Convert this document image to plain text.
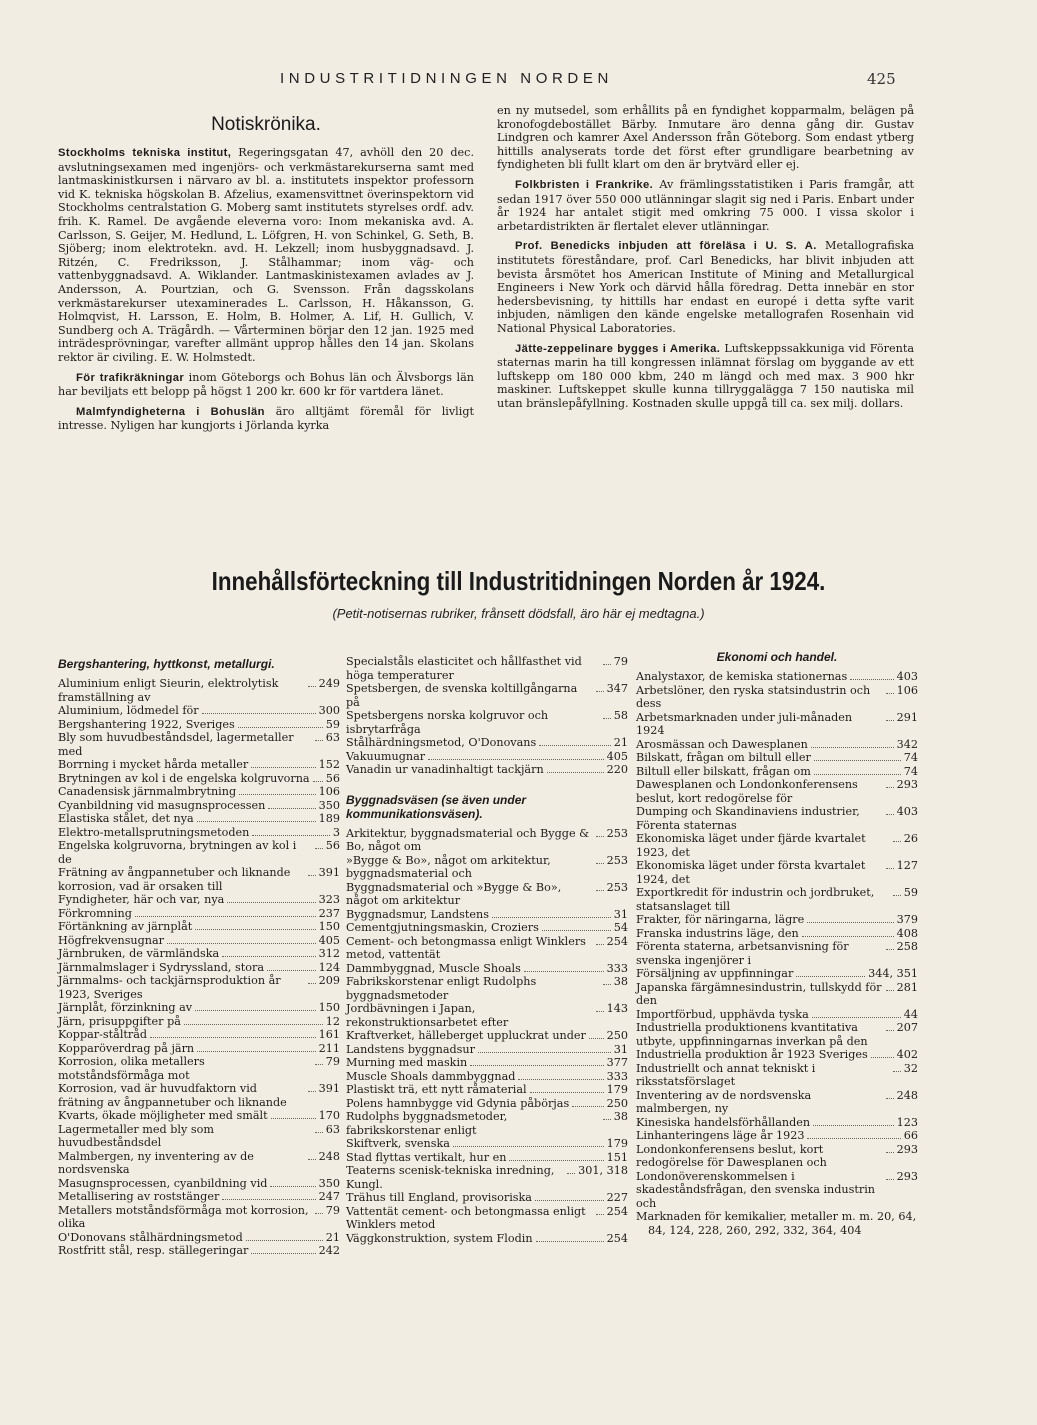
INDUSTRITIDNINGEN NORDEN	425
Notiskrönika.

Stockholms tekniska institut, Regeringsgatan 47, avhöll den 20 dec. avslutningsexamen med ingenjörs- och verkmästarekurserna samt med lantmaskinistkursen i närvaro av bl. a. institutets inspektor professorn vid K. tekniska högskolan B. Afzelius, examensvittnet överinspektorn vid Stockholms centralstation G. Moberg samt institutets styrelses ordf. adv. frih. K. Ramel. De avgående eleverna voro: Inom mekaniska avd. A. Carlsson, S. Geijer, M. Hedlund, L. Löfgren, H. von Schinkel, G. Seth, B. Sjöberg; inom elektrotekn. avd. H. Lekzell; inom husbyggnadsavd. J. Ritzén, C. Fredriksson, J. Stålhammar; inom väg- och vattenbyggnadsavd. A. Wiklander. Lantmaskinistexamen avlades av J. Andersson, A. Pourtzian, och G. Svensson. Från dagsskolans verkmästarekurser utexaminerades L. Carlsson, H. Håkansson, G. Holmqvist, H. Larsson, E. Holm, B. Holmer, A. Lif, H. Gullich, V. Sundberg och A. Trägårdh. — Vårterminen börjar den 12 jan. 1925 med inträdesprövningar, varefter allmänt upprop hålles den 14 jan. Skolans rektor är civiling. E. W. Holmstedt.

För trafikräkningar inom Göteborgs och Bohus län och Älvsborgs län har beviljats ett belopp på högst 1 200 kr. 600 kr för vartdera länet.

Malmfyndigheterna i Bohuslän äro alltjämt föremål för livligt intresse. Nyligen har kungjorts i Jörlanda kyrka

en ny mutsedel, som erhållits på en fyndighet kopparmalm, belägen på kronofogdebostället Bärby. Inmutare äro denna gång dir. Gustav Lindgren och kamrer Axel Andersson från Göteborg. Som endast ytberg hittills analyserats torde det först efter grundligare bearbetning av fyndigheten bli fullt klart om den är brytvärd eller ej.

Folkbristen i Frankrike. Av främlingsstatistiken i Paris framgår, att sedan 1917 över 550 000 utlänningar slagit sig ned i Paris. Enbart under år 1924 har antalet stigit med omkring 75 000. I vissa skolor i arbetardistrikten är flertalet elever utlänningar.

Prof. Benedicks inbjuden att föreläsa i U. S. A. Metallografiska institutets föreståndare, prof. Carl Benedicks, har blivit inbjuden att bevista årsmötet hos American Institute of Mining and Metallurgical Engineers i New York och därvid hålla föredrag. Detta innebär en stor hedersbevisning, ty hittills har endast en europé i detta syfte varit inbjuden, nämligen den kände engelske metallografen Rosenhain vid National Physical Laboratories.

Jätte-zeppelinare bygges i Amerika. Luftskeppssakkuniga vid Förenta staternas marin ha till kongressen inlämnat förslag om byggande av ett luftskepp om 180 000 kbm, 240 m längd och med max. 3 900 hkr maskiner. Luftskeppet skulle kunna tillryggalägga 7 150 nautiska mil utan bränslepåfyllning. Kostnaden skulle uppgå till ca. sex milj. dollars.

Innehållsförteckning till Industritidningen Norden år 1924.
(Petit-notisernas rubriker, frånsett dödsfall, äro här ej medtagna.)
Bergshantering, hyttkonst, metallurgi.
Aluminium enligt Sieurin, elektrolytisk framställning av
249
Aluminium, lödmedel för	300
Bergshantering 1922, Sveriges	59
Bly som huvudbeståndsdel, lagermetaller med
63
Borrning i mycket hårda metaller	152
Brytningen av kol i de engelska kolgruvorna 56
Canadensisk järnmalmbrytning	106
Cyanbildning vid masugnsprocessen	350
Elastiska stålet, det nya	189
Elektro-metallsprutningsmetoden	3
Engelska kolgruvorna, brytningen av kol i de
56
Frätning av ångpannetuber och liknande korrosion, vad är orsaken till
391
Fyndigheter, här och var, nya	323
Förkromning	237
Förtänkning av järnplåt	150
Högfrekvensugnar	405
Järnbruken, de värmländska	312
Järnmalmslager i Sydryssland, stora	124
Järnmalms- och tackjärnsproduktion år 1923, Sveriges
209
Järnplåt, förzinkning av	150
Järn, prisuppgifter på	12
Koppar-ståltråd	161
Kopparöverdrag på järn	211
Korrosion, olika metallers motståndsförmåga mot
79
Korrosion, vad är huvudfaktorn vid frätning av ångpannetuber och liknande
391
Kvarts, ökade möjligheter med smält	170
Lagermetaller med bly som huvudbeståndsdel
63
Malmbergen, ny inventering av de nordsvenska
248
Masugnsprocessen, cyanbildning vid	350
Metallisering av roststänger	247
Metallers motståndsförmåga mot korrosion, olika
79
O'Donovans stålhärdningsmetod	21
Rostfritt stål, resp. ställegeringar	242
Specialståls elasticitet och hållfasthet vid höga temperaturer
79
Spetsbergen, de svenska koltillgångarna på
347
Spetsbergens norska kolgruvor och isbrytarfråga
58
Stålhärdningsmetod, O'Donovans	21
Vakuumugnar	405
Vanadin ur vanadinhaltigt tackjärn	220
Byggnadsväsen (se även under kommunikationsväsen).
Arkitektur, byggnadsmaterial och Bygge & Bo, något om
253
»Bygge & Bo», något om arkitektur, byggnadsmaterial och
253
Byggnadsmaterial och »Bygge & Bo», något om arkitektur
253
Byggnadsmur, Landstens	31
Cementgjutningsmaskin, Croziers	54
Cement- och betongmassa enligt Winklers metod, vattentät
254
Dammbyggnad, Muscle Shoals	333
Fabrikskorstenar enligt Rudolphs byggnadsmetoder
38
Jordbävningen i Japan, rekonstruktionsarbetet efter
143
Kraftverket, hälleberget uppluckrat under 250
Landstens byggnadsur	31
Murning med maskin	377
Muscle Shoals dammbyggnad	333
Plastiskt trä, ett nytt råmaterial	179
Polens hamnbygge vid Gdynia påbörjas	250
Rudolphs byggnadsmetoder, fabrikskorstenar enligt
38
Skiftverk, svenska	179
Stad flyttas vertikalt, hur en	151
Teaterns scenisk-tekniska inredning, Kungl.
301, 318
Trähus till England, provisoriska	227
Vattentät cement- och betongmassa enligt Winklers metod
254
Väggkonstruktion, system Flodin	254
Ekonomi och handel.
Analystaxor, de kemiska stationernas	403
Arbetslöner, den ryska statsindustrin och dess
106
Arbetsmarknaden under juli-månaden 1924
291
Arosmässan och Dawesplanen	342
Bilskatt, frågan om biltull eller	74
Biltull eller bilskatt, frågan om	74
Dawesplanen och Londonkonferensens beslut, kort redogörelse för
293
Dumping och Skandinaviens industrier, Förenta staternas
403
Ekonomiska läget under fjärde kvartalet 1923, det
26
Ekonomiska läget under första kvartalet 1924, det
127
Exportkredit för industrin och jordbruket, statsanslaget till
59
Frakter, för näringarna, lägre	379
Franska industrins läge, den	408
Förenta staterna, arbetsanvisning för svenska ingenjörer i
258
Försäljning av uppfinningar	344, 351
Japanska färgämnesindustrin, tullskydd för den
281
Importförbud, upphävda tyska	44
Industriella produktionens kvantitativa utbyte, uppfinningarnas inverkan på den
207
Industriella produktion år 1923 Sveriges	402
Industriellt och annat tekniskt i riksstatsförslaget
32
Inventering av de nordsvenska malmbergen, ny
248
Kinesiska handelsförhållanden	123
Linhanteringens läge år 1923	66
Londonkonferensens beslut, kort redogörelse för Dawesplanen och
293
Londonöverenskommelsen i skadeståndsfrågan, den svenska industrin och
293
Marknaden för kemikalier, metaller m. m. 20, 64, 84, 124, 228, 260, 292, 332, 364, 404
